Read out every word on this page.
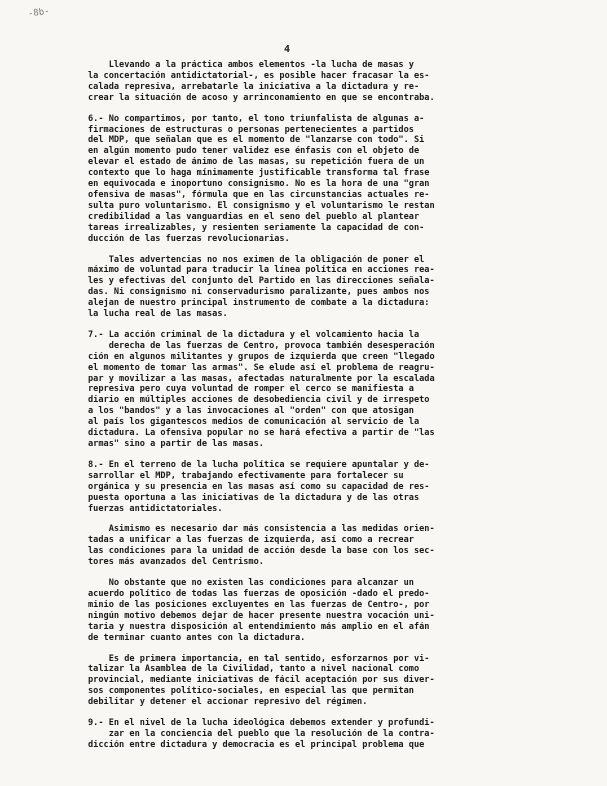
-8b-
4
Llevando a la práctica ambos elementos -la lucha de masas y
la concertación antidictatorial-, es posible hacer fracasar la es-
calada represiva, arrebatarle la iniciativa a la dictadura y re-
crear la situación de acoso y arrinconamiento en que se encontraba.
6.- No compartimos, por tanto, el tono triunfalista de algunas a-
firmaciones de estructuras o personas pertenecientes a partidos
del MDP, que señalan que es el momento de "lanzarse con todo". Si
en algún momento pudo tener validez ese énfasis con el objeto de
elevar el estado de ánimo de las masas, su repetición fuera de un
contexto que lo haga mínimamente justificable transforma tal frase
en equivocada e inoportuno consignismo. No es la hora de una "gran
ofensiva de masas", fórmula que en las circunstancias actuales re-
sulta puro voluntarismo. El consignismo y el voluntarismo le restan
credibilidad a las vanguardias en el seno del pueblo al plantear
tareas irrealizables, y resienten seriamente la capacidad de con-
ducción de las fuerzas revolucionarias.
Tales advertencias no nos eximen de la obligación de poner el
máximo de voluntad para traducir la línea política en acciones rea-
les y efectivas del conjunto del Partido en las direcciones señala-
das. Ni consignismo ni conservadurismo paralizante, pues ambos nos
alejan de nuestro principal instrumento de combate a la dictadura:
la lucha real de las masas.
7.- La acción criminal de la dictadura y el volcamiento hacia la
derecha de las fuerzas de Centro, provoca también desesperación
ción en algunos militantes y grupos de izquierda que creen "llegado
el momento de tomar las armas". Se elude así el problema de reagru-
par y movilizar a las masas, afectadas naturalmente por la escalada
represiva pero cuya voluntad de romper el cerco se manifiesta a
diario en múltiples acciones de desobediencia civil y de irrespeto
a los "bandos" y a las invocaciones al "orden" con que atosigan
al país los gigantescos medios de comunicación al servicio de la
dictadura. La ofensiva popular no se hará efectiva a partir de "las
armas" sino a partir de las masas.
8.- En el terreno de la lucha política se requiere apuntalar y de-
sarrollar el MDP, trabajando efectivamente para fortalecer su
orgánica y su presencia en las masas así como su capacidad de res-
puesta oportuna a las iniciativas de la dictadura y de las otras
fuerzas antidictatoriales.
Asimismo es necesario dar más consistencia a las medidas orien-
tadas a unificar a las fuerzas de izquierda, así como a recrear
las condiciones para la unidad de acción desde la base con los sec-
tores más avanzados del Centrismo.
No obstante que no existen las condiciones para alcanzar un
acuerdo político de todas las fuerzas de oposición -dado el predo-
minio de las posiciones excluyentes en las fuerzas de Centro-, por
ningún motivo debemos dejar de hacer presente nuestra vocación uni-
taria y nuestra disposición al entendimiento más amplio en el afán
de terminar cuanto antes con la dictadura.
Es de primera importancia, en tal sentido, esforzarnos por vi-
talizar la Asamblea de la Civilidad, tanto a nivel nacional como
provincial, mediante iniciativas de fácil aceptación por sus diver-
sos componentes político-sociales, en especial las que permitan
debilitar y detener el accionar represivo del régimen.
9.- En el nivel de la lucha ideológica debemos extender y profundi-
zar en la conciencia del pueblo que la resolución de la contra-
dicción entre dictadura y democracia es el principal problema que
